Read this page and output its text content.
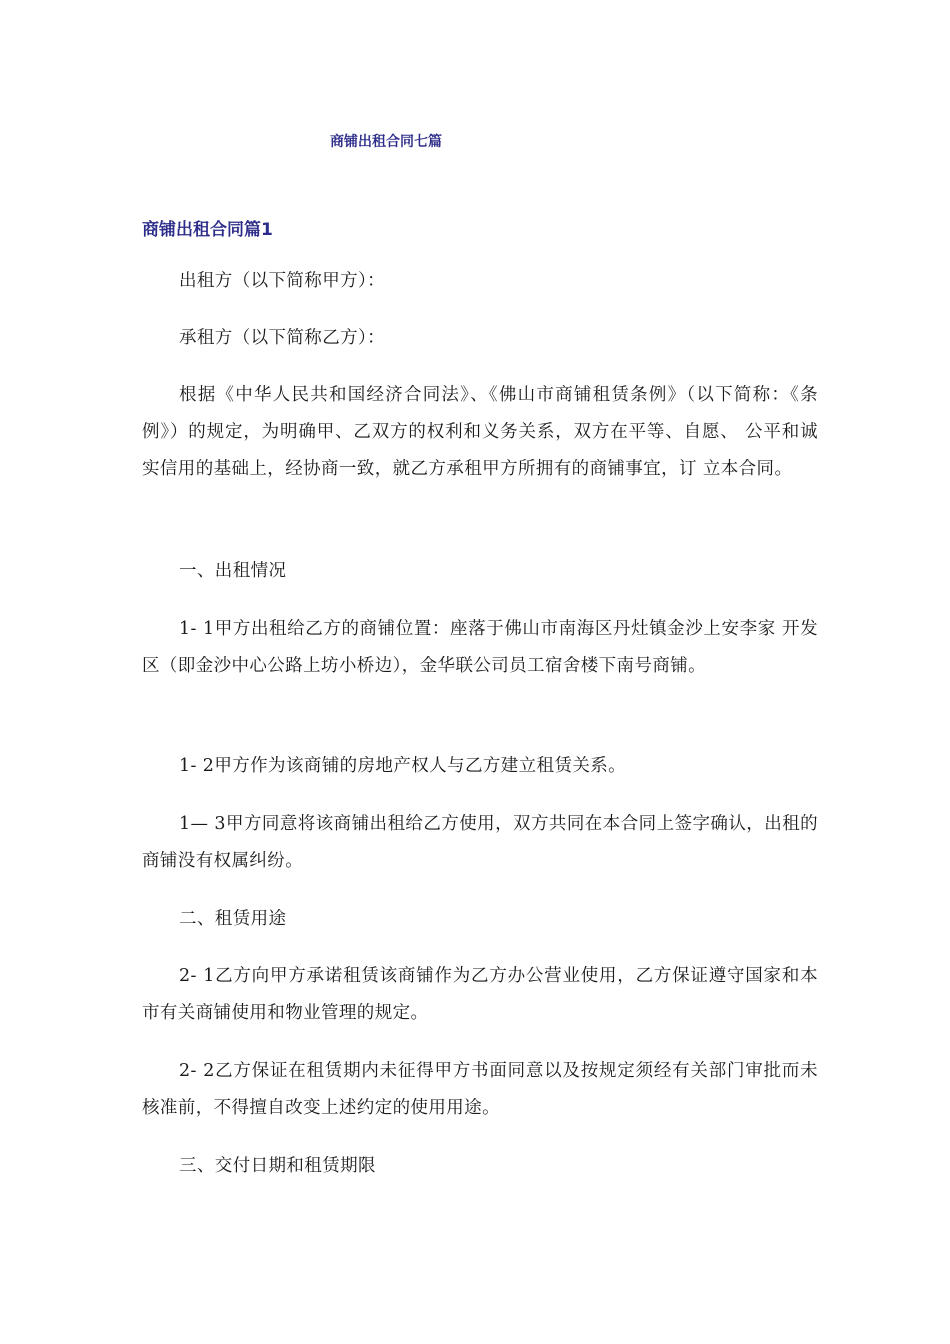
商铺出租合同七篇
商铺出租合同篇1

出租方（以下简称甲方）：

承租方（以下简称乙方）：

根据《中华人民共和国经济合同法》、《佛山市商铺租赁条例》（以下简称：《条例》）的规定，为明确甲、乙双方的权利和义务关系，双方在平等、自愿、 公平和诚实信用的基础上，经协商一致，就乙方承租甲方所拥有的商铺事宜，订 立本合同。

一、出租情况

1- 1甲方出租给乙方的商铺位置：座落于佛山市南海区丹灶镇金沙上安李家 开发区（即金沙中心公路上坊小桥边），金华联公司员工宿舍楼下南号商铺。

1- 2甲方作为该商铺的房地产权人与乙方建立租赁关系。

1— 3甲方同意将该商铺出租给乙方使用，双方共同在本合同上签字确认，出租的商铺没有权属纠纷。

二、租赁用途

2- 1乙方向甲方承诺租赁该商铺作为乙方办公营业使用，乙方保证遵守国家和本市有关商铺使用和物业管理的规定。

2- 2乙方保证在租赁期内未征得甲方书面同意以及按规定须经有关部门审批而未核准前，不得擅自改变上述约定的使用用途。

三、交付日期和租赁期限
